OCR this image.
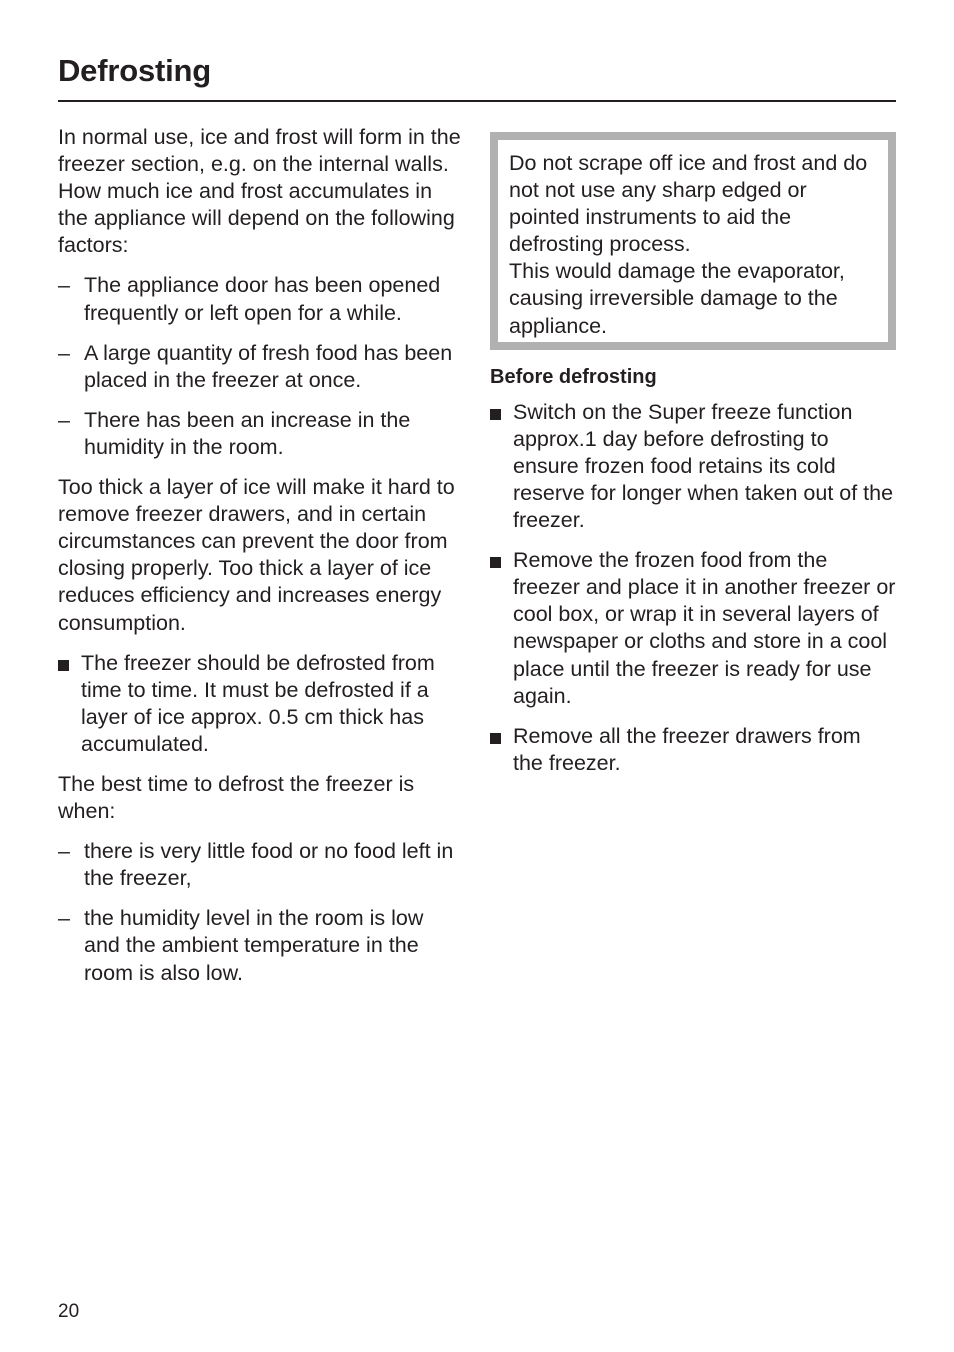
Defrosting

In normal use, ice and frost will form in the freezer section, e.g. on the internal walls. How much ice and frost accumulates in the appliance will depend on the following factors:

– The appliance door has been opened frequently or left open for a while.
– A large quantity of fresh food has been placed in the freezer at once.
– There has been an increase in the humidity in the room.

Too thick a layer of ice will make it hard to remove freezer drawers, and in certain circumstances can prevent the door from closing properly. Too thick a layer of ice reduces efficiency and increases energy consumption.

The freezer should be defrosted from time to time. It must be defrosted if a layer of ice approx. 0.5 cm thick has accumulated.

The best time to defrost the freezer is when:

– there is very little food or no food left in the freezer,
– the humidity level in the room is low and the ambient temperature in the room is also low.

Do not scrape off ice and frost and do not not use any sharp edged or pointed instruments to aid the defrosting process.

This would damage the evaporator, causing irreversible damage to the appliance.

Before defrosting
Switch on the Super freeze function approx.1 day before defrosting to ensure frozen food retains its cold reserve for longer when taken out of the freezer.
Remove the frozen food from the freezer and place it in another freezer or cool box, or wrap it in several layers of newspaper or cloths and store in a cool place until the freezer is ready for use again.
Remove all the freezer drawers from the freezer.
20
